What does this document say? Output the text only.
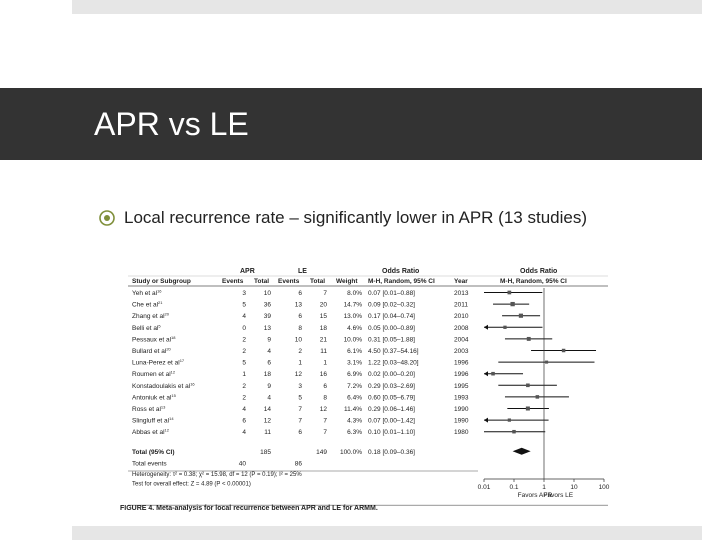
APR vs LE
Local recurrence rate – significantly lower in APR (13 studies)
APR	LE	Odds Ratio	Odds Ratio
Study or Subgroup	Events Total Events Total Weight M-H, Random, 95% CI	Year	M-H, Random, 95% CI
Yeh et $al^{16}$	3	10	6	7	8.0% 0.07 [0.01–0.88]	2013
Che et $al^{21}$	5	36	13	20	14.7% 0.09 [0.02–0.32]	2011
Zhang et $al^{20}$	4	39	6	15	13.0% 0.17 [0.04–0.74]	2010
Belli et $al^5$	0	13	8	18	4.6% 0.05 [0.00–0.89]	2008
Pessaux et $al^{18}$	2	9	10	21	10.0% 0.31 [0.05–1.88]	2004
Bullard et $al^{20}$	2	4	2	11	6.1% 4.50 [0.37–54.16]	2003
Luna-Perez et $al^{17}$	5	6	1	1	3.1% 1.22 [0.03–48.20]	1996
Roumen et $al^{12}$	1	18	12	16	6.9% 0.02 [0.00–0.20]	1996
Konstadoulakis et $al^{16}$	2	9	3	6	7.2% 0.29 [0.03–2.69]	1995
Antoniuk et $al^{15}$	2	4	5	8	6.4% 0.60 [0.05–6.79]	1993
Ross et $al^{13}$	4	14	7	12	11.4% 0.29 [0.06–1.46]	1990
Slingluff et $al^{14}$	6	12	7	7	4.3% 0.07 [0.00–1.42]	1990
Abbas et $al^{12}$	4	11	6	7	6.3% 0.10 [0.01–1.10]	1980
Total (95% CI)	185	149 100.0% 0.18 [0.09–0.36]
Total events	40	86
Heterogeneity: τ² = 0.38; χ² = 15.98, df = 12 (P = 0.19); I² = 25%
Test for overall effect: Z = 4.89 (P < 0.00001)	0.01	0.1	1	10	100
Favors APR
Favors LE
FIGURE 4. Meta-analysis for local recurrence between APR and LE for ARMM.
